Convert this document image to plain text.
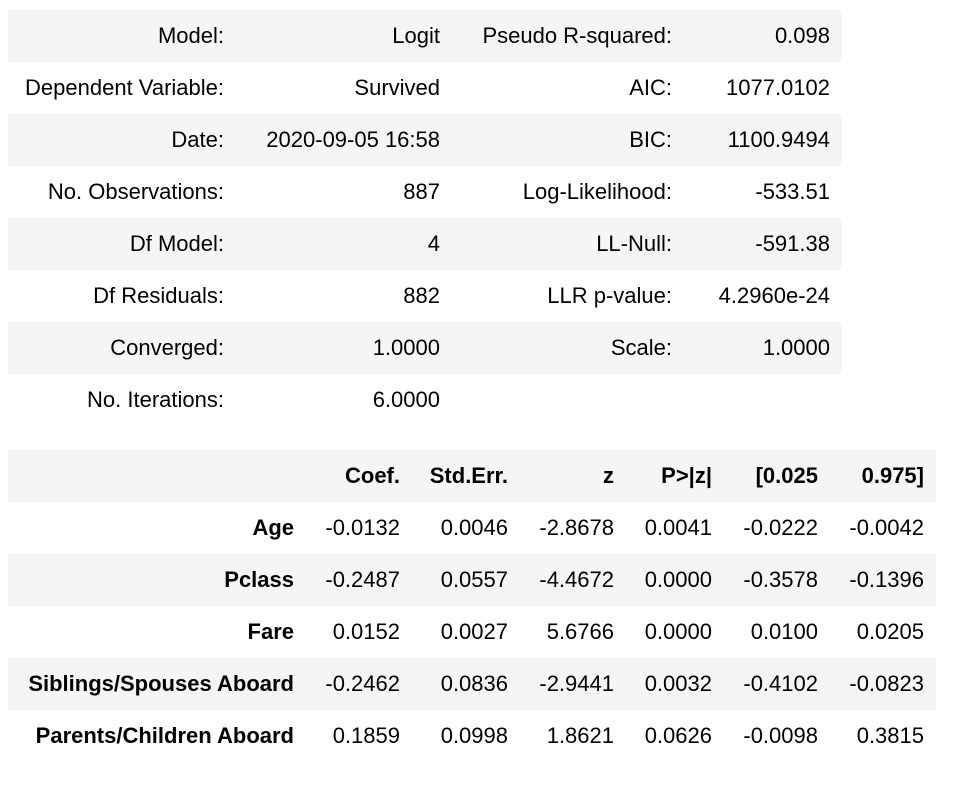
Model:	Logit	Pseudo R-squared:	0.098
Dependent Variable:	Survived	AIC:	1077.0102
Date:	2020-09-05 16:58	BIC:	1100.9494
No. Observations:	887	Log-Likelihood:	-533.51
Df Model:	4	LL-Null:	-591.38
Df Residuals:	882	LLR p-value:	4.2960e-24
Converged:	1.0000	Scale:	1.0000
No. Iterations:	6.0000		
	Coef.	Std.Err.	z	P>|z|	[0.025	0.975]
Age	-0.0132	0.0046	-2.8678	0.0041	-0.0222	-0.0042
Pclass	-0.2487	0.0557	-4.4672	0.0000	-0.3578	-0.1396
Fare	0.0152	0.0027	5.6766	0.0000	0.0100	0.0205
Siblings/Spouses Aboard	-0.2462	0.0836	-2.9441	0.0032	-0.4102	-0.0823
Parents/Children Aboard	0.1859	0.0998	1.8621	0.0626	-0.0098	0.3815
